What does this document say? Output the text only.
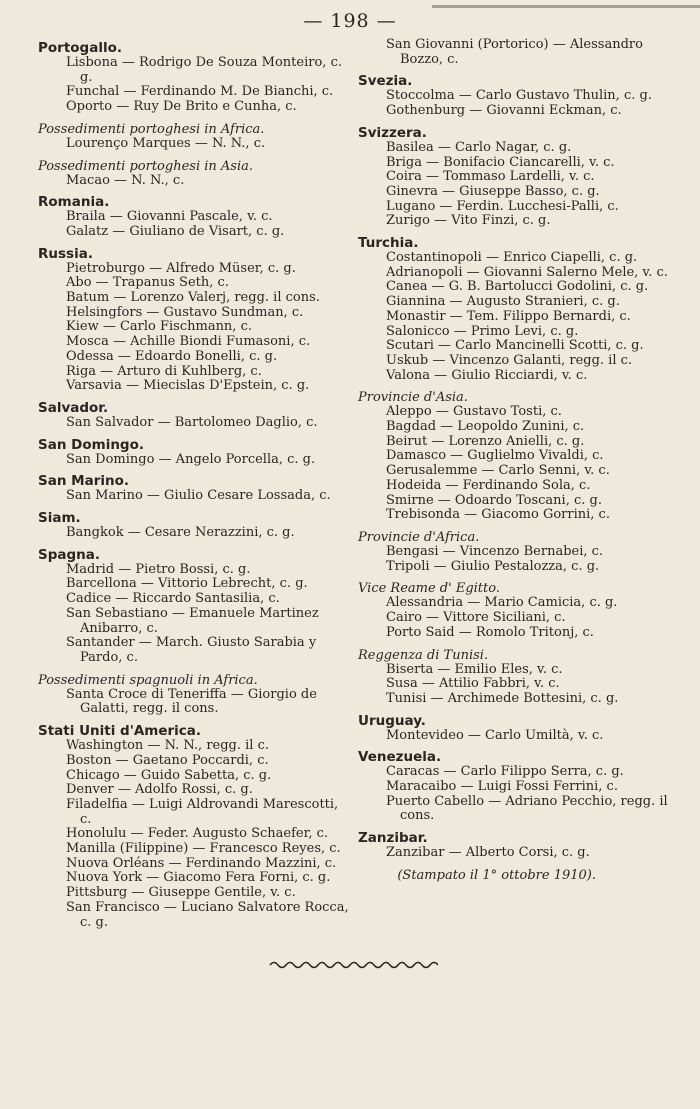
— 198 —
Portogallo.
Lisbona — Rodrigo De Souza Monteiro, c. g.
Funchal — Ferdinando M. De Bianchi, c.
Oporto — Ruy De Brito e Cunha, c.
Possedimenti portoghesi in Africa.
Lourenço Marques — N. N., c.
Possedimenti portoghesi in Asia.
Macao — N. N., c.
Romania.
Braila — Giovanni Pascale, v. c.
Galatz — Giuliano de Visart, c. g.
Russia.
Pietroburgo — Alfredo Müser, c. g.
Abo — Trapanus Seth, c.
Batum — Lorenzo Valerj, regg. il cons.
Helsingfors — Gustavo Sundman, c.
Kiew — Carlo Fischmann, c.
Mosca — Achille Biondi Fumasoni, c.
Odessa — Edoardo Bonelli, c. g.
Riga — Arturo di Kuhlberg, c.
Varsavia — Miecislas D'Epstein, c. g.
Salvador.
San Salvador — Bartolomeo Daglio, c.
San Domingo.
San Domingo — Angelo Porcella, c. g.
San Marino.
San Marino — Giulio Cesare Lossada, c.
Siam.
Bangkok — Cesare Nerazzini, c. g.
Spagna.
Madrid — Pietro Bossi, c. g.
Barcellona — Vittorio Lebrecht, c. g.
Cadice — Riccardo Santasilia, c.
San Sebastiano — Emanuele Martinez Anibarro, c.
Santander — March. Giusto Sarabia y Pardo, c.
Possedimenti spagnuoli in Africa.
Santa Croce di Teneriffa — Giorgio de Galatti, regg. il cons.
Stati Uniti d'America.
Washington — N. N., regg. il c.
Boston — Gaetano Poccardi, c.
Chicago — Guido Sabetta, c. g.
Denver — Adolfo Rossi, c. g.
Filadelfia — Luigi Aldrovandi Marescotti, c.
Honolulu — Feder. Augusto Schaefer, c.
Manilla (Filippine) — Francesco Reyes, c.
Nuova Orléans — Ferdinando Mazzini, c.
Nuova York — Giacomo Fera Forni, c. g.
Pittsburg — Giuseppe Gentile, v. c.
San Francisco — Luciano Salvatore Rocca, c. g.
San Giovanni (Portorico) — Alessandro Bozzo, c.
Svezia.
Stoccolma — Carlo Gustavo Thulin, c. g.
Gothenburg — Giovanni Eckman, c.
Svizzera.
Basilea — Carlo Nagar, c. g.
Briga — Bonifacio Ciancarelli, v. c.
Coira — Tommaso Lardelli, v. c.
Ginevra — Giuseppe Basso, c. g.
Lugano — Ferdin. Lucchesi-Palli, c.
Zurigo — Vito Finzi, c. g.
Turchia.
Costantinopoli — Enrico Ciapelli, c. g.
Adrianopoli — Giovanni Salerno Mele, v. c.
Canea — G. B. Bartolucci Godolini, c. g.
Giannina — Augusto Stranieri, c. g.
Monastir — Tem. Filippo Bernardi, c.
Salonicco — Primo Levi, c. g.
Scutari — Carlo Mancinelli Scotti, c. g.
Uskub — Vincenzo Galanti, regg. il c.
Valona — Giulio Ricciardi, v. c.
Provincie d'Asia.
Aleppo — Gustavo Tosti, c.
Bagdad — Leopoldo Zunini, c.
Beirut — Lorenzo Anielli, c. g.
Damasco — Guglielmo Vivaldi, c.
Gerusalemme — Carlo Senni, v. c.
Hodeida — Ferdinando Sola, c.
Smirne — Odoardo Toscani, c. g.
Trebisonda — Giacomo Gorrini, c.
Provincie d'Africa.
Bengasi — Vincenzo Bernabei, c.
Tripoli — Giulio Pestalozza, c. g.
Vice Reame d' Egitto.
Alessandria — Mario Camicia, c. g.
Cairo — Vittore Siciliani, c.
Porto Said — Romolo Tritonj, c.
Reggenza di Tunisi.
Biserta — Emilio Eles, v. c.
Susa — Attilio Fabbri, v. c.
Tunisi — Archimede Bottesini, c. g.
Uruguay.
Montevideo — Carlo Umiltà, v. c.
Venezuela.
Caracas — Carlo Filippo Serra, c. g.
Maracaibo — Luigi Fossi Ferrini, c.
Puerto Cabello — Adriano Pecchio, regg. il cons.
Zanzibar.
Zanzibar — Alberto Corsi, c. g.
(Stampato il 1° ottobre 1910).
